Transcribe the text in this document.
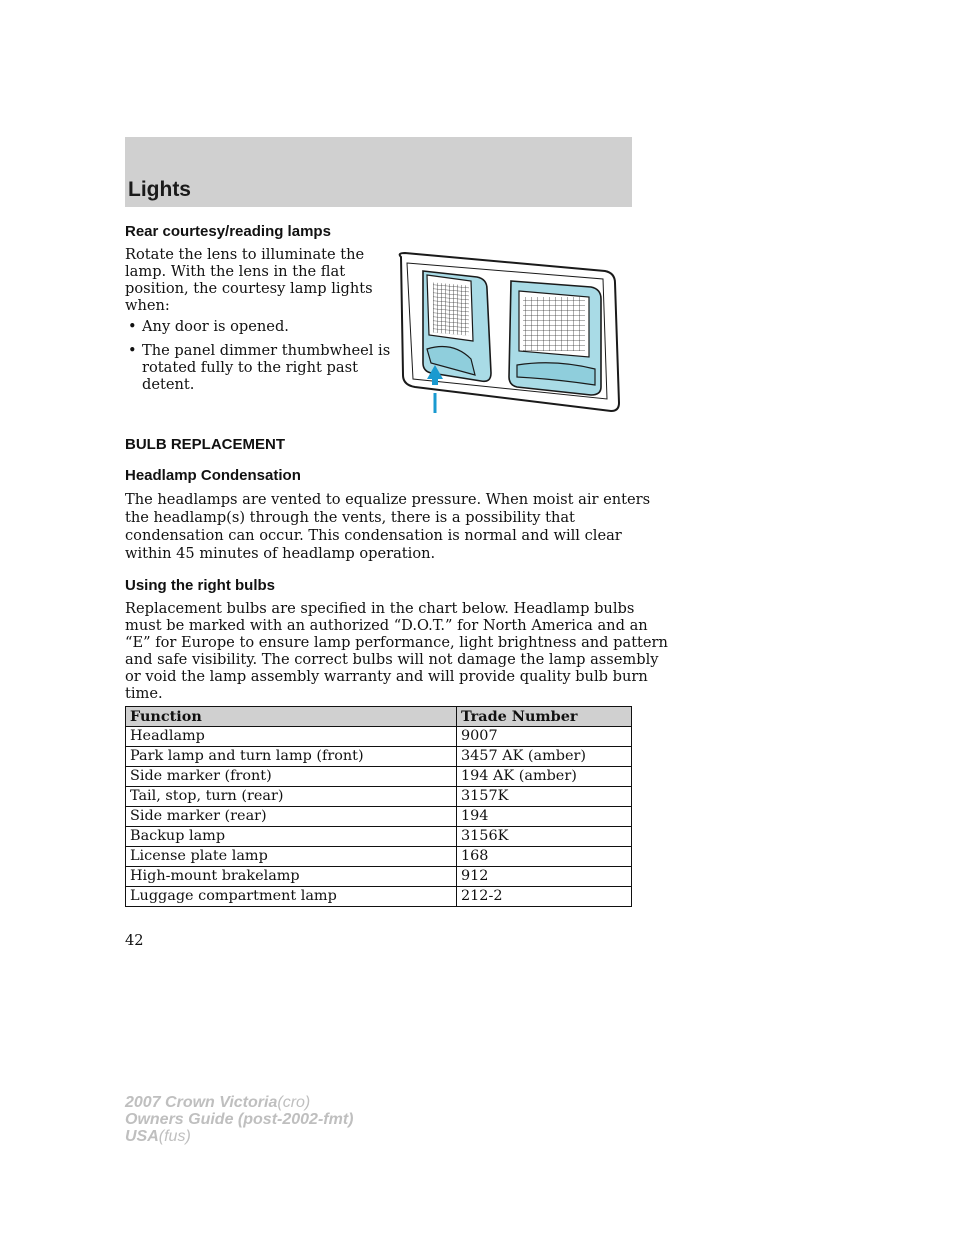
Lights
Rear courtesy/reading lamps
Rotate the lens to illuminate the
lamp. With the lens in the flat
position, the courtesy lamp lights
when:
• Any door is opened.
• The panel dimmer thumbwheel is
rotated fully to the right past
detent.
BULB REPLACEMENT
Headlamp Condensation
The headlamps are vented to equalize pressure. When moist air enters
the headlamp(s) through the vents, there is a possibility that
condensation can occur. This condensation is normal and will clear
within 45 minutes of headlamp operation.
Using the right bulbs
Replacement bulbs are specified in the chart below. Headlamp bulbs
must be marked with an authorized “D.O.T.” for North America and an
“E” for Europe to ensure lamp performance, light brightness and pattern
and safe visibility. The correct bulbs will not damage the lamp assembly
or void the lamp assembly warranty and will provide quality bulb burn
time.
Function	Trade Number
Headlamp	9007
Park lamp and turn lamp (front)	3457 AK (amber)
Side marker (front)	194 AK (amber)
Tail, stop, turn (rear)	3157K
Side marker (rear)	194
Backup lamp	3156K
License plate lamp	168
High-mount brakelamp	912
Luggage compartment lamp	212-2
42
2007 Crown Victoria(cro)
Owners Guide (post-2002-fmt)
USA(fus)
